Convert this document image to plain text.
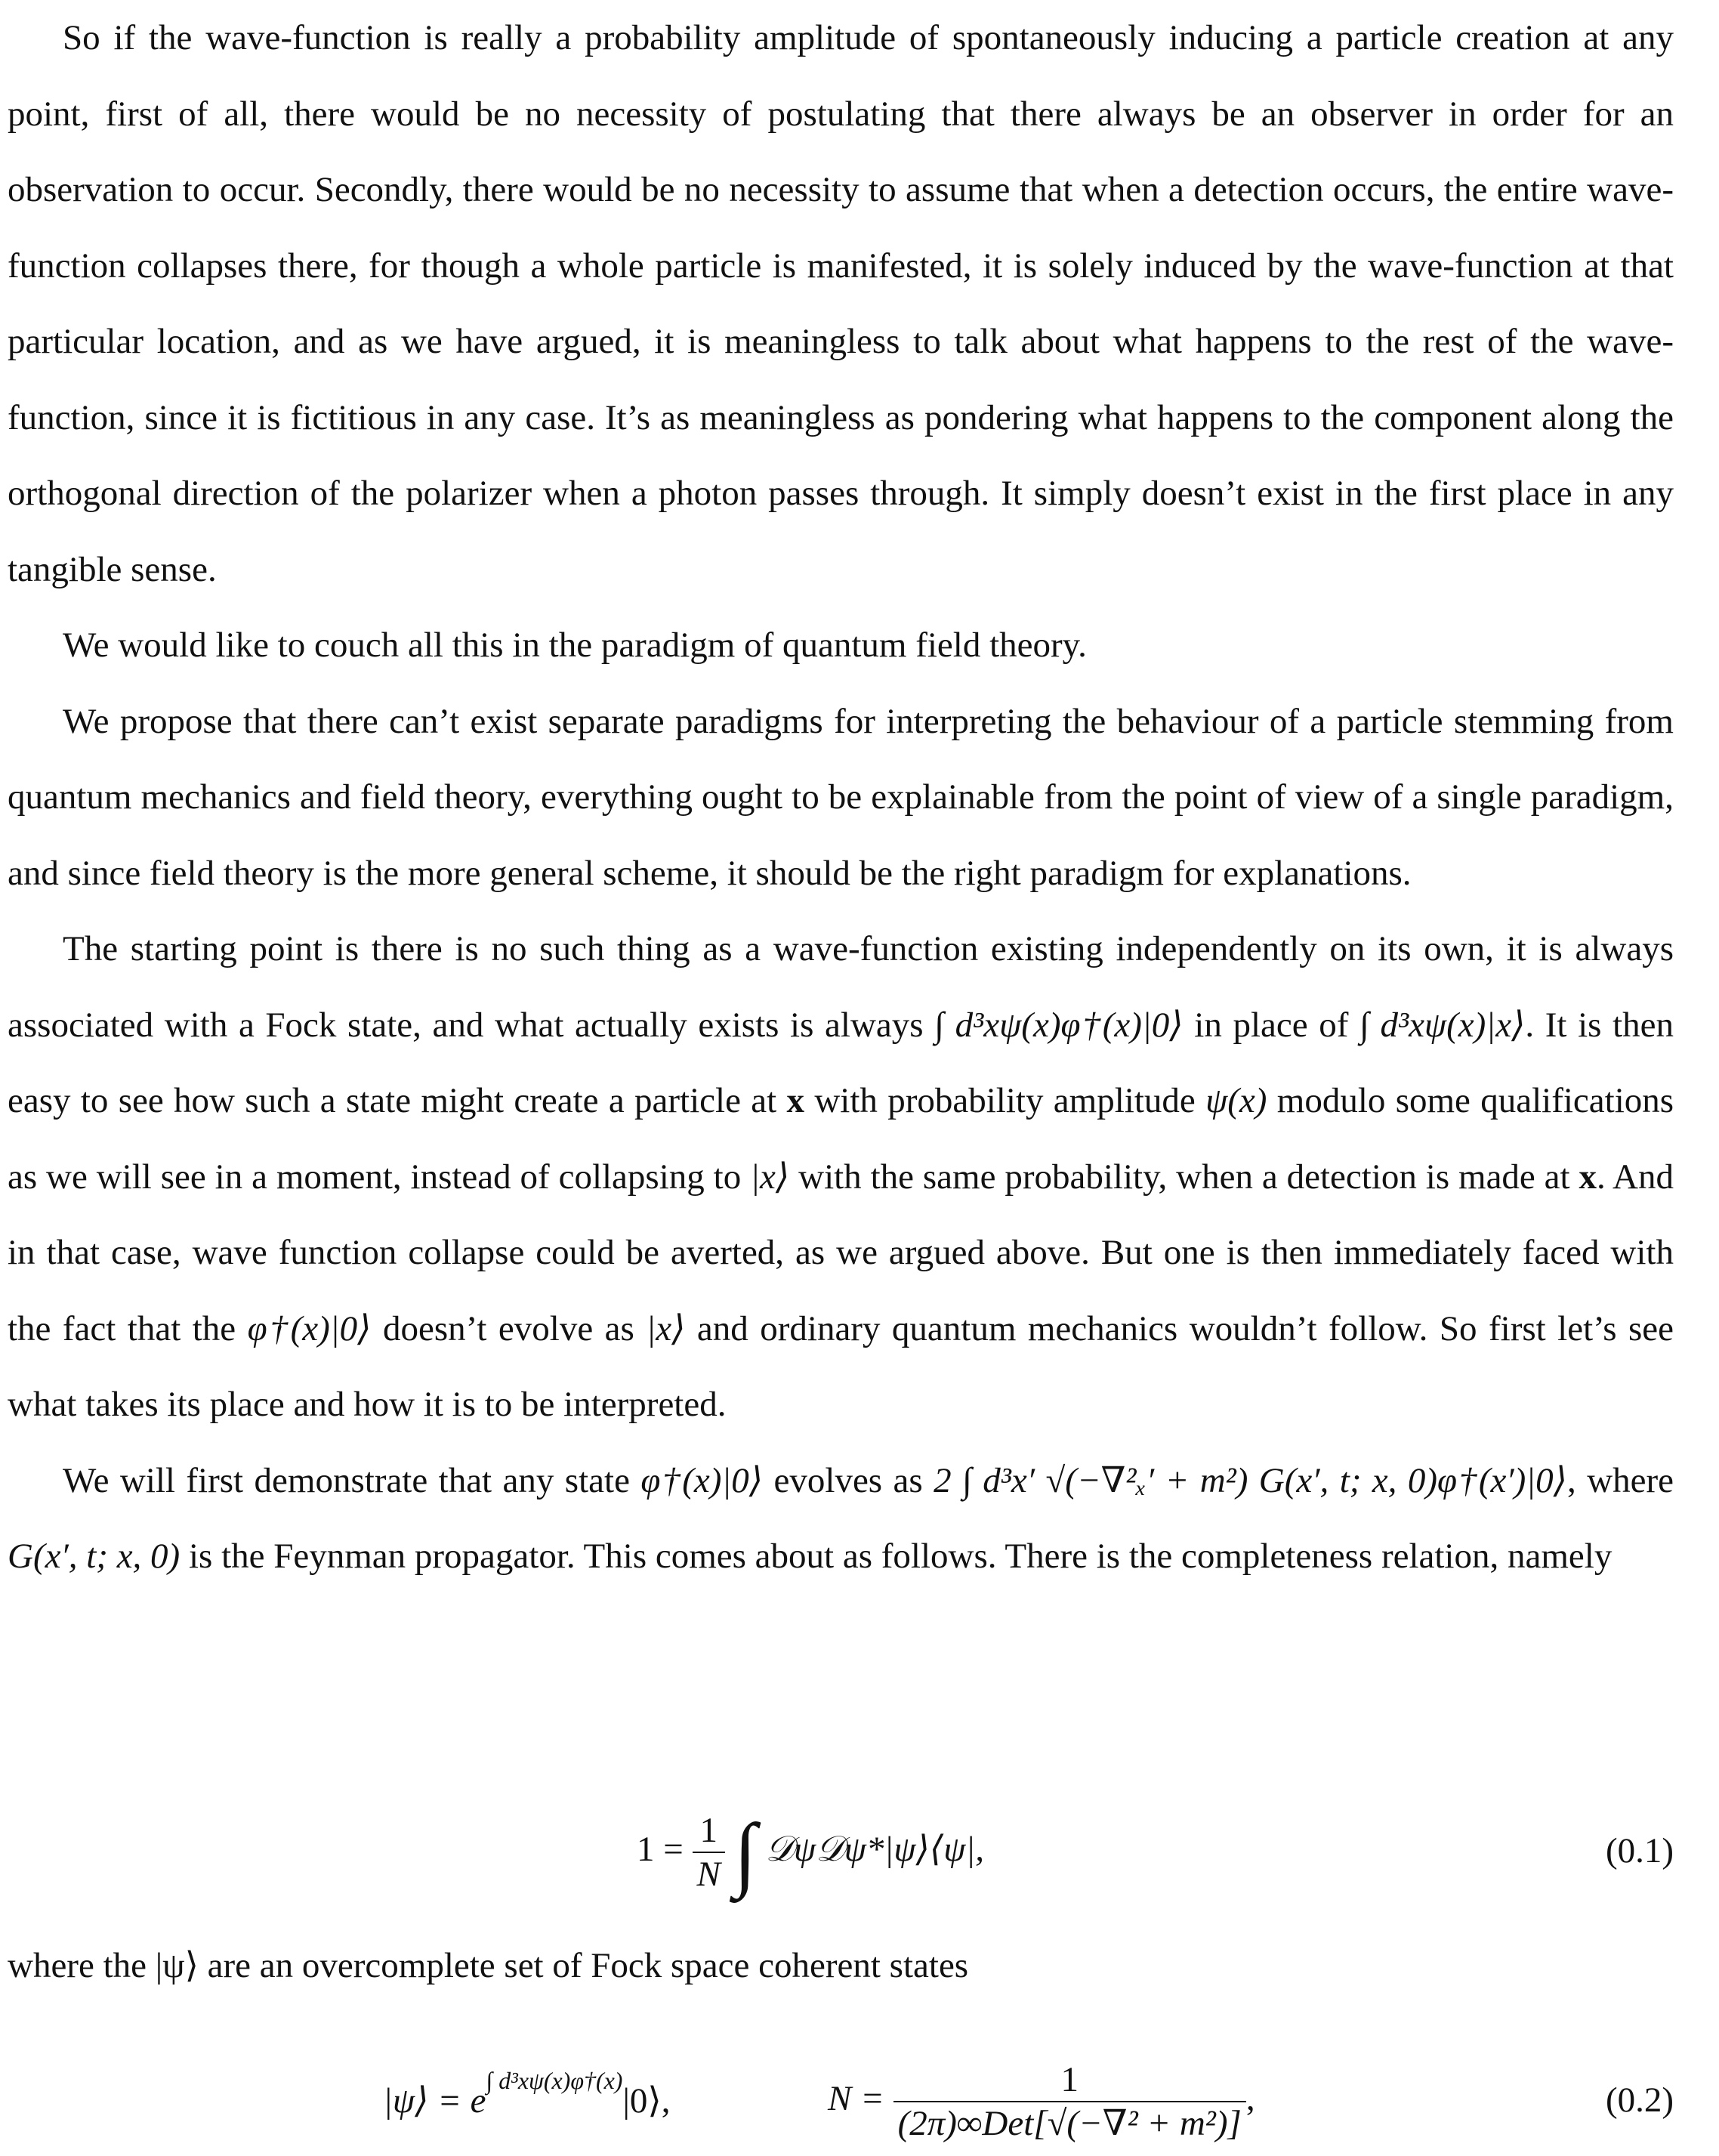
So if the wave-function is really a probability amplitude of spontaneously inducing a particle creation at any point, first of all, there would be no necessity of postulating that there always be an observer in order for an observation to occur. Secondly, there would be no necessity to assume that when a detection occurs, the entire wave-function collapses there, for though a whole particle is manifested, it is solely induced by the wave-function at that particular location, and as we have argued, it is meaningless to talk about what happens to the rest of the wave-function, since it is fictitious in any case. It’s as meaningless as pondering what happens to the component along the orthogonal direction of the polarizer when a photon passes through. It simply doesn’t exist in the first place in any tangible sense.

We would like to couch all this in the paradigm of quantum field theory.

We propose that there can’t exist separate paradigms for interpreting the behaviour of a particle stemming from quantum mechanics and field theory, everything ought to be explainable from the point of view of a single paradigm, and since field theory is the more general scheme, it should be the right paradigm for explanations.

The starting point is there is no such thing as a wave-function existing independently on its own, it is always associated with a Fock state, and what actually exists is always ∫ d³xψ(x)φ†(x)|0⟩ in place of ∫ d³xψ(x)|x⟩. It is then easy to see how such a state might create a particle at x with probability amplitude ψ(x) modulo some qualifications as we will see in a moment, instead of collapsing to |x⟩ with the same probability, when a detection is made at x. And in that case, wave function collapse could be averted, as we argued above. But one is then immediately faced with the fact that the φ†(x)|0⟩ doesn’t evolve as |x⟩ and ordinary quantum mechanics wouldn’t follow. So first let’s see what takes its place and how it is to be interpreted.

We will first demonstrate that any state φ†(x)|0⟩ evolves as 2 ∫ d³x′ √(−∇²ₓ′ + m²) G(x′, t; x, 0)φ†(x′)|0⟩, where G(x′, t; x, 0) is the Feynman propagator. This comes about as follows. There is the completeness relation, namely

$1 = \frac{1}{N}$ ∫ 𝒟ψ𝒟ψ*|ψ⟩⟨ψ|,	(0.1)
where the |ψ⟩ are an overcomplete set of Fock space coherent states
|ψ⟩ = $e^{\int d^3x\psi(x)\varphi\dagger(x)}|0⟩$,	$N = \frac{1}{\text{(2π)∞Det[√(−∇² + m²)]}}$ ,	(0.2)
